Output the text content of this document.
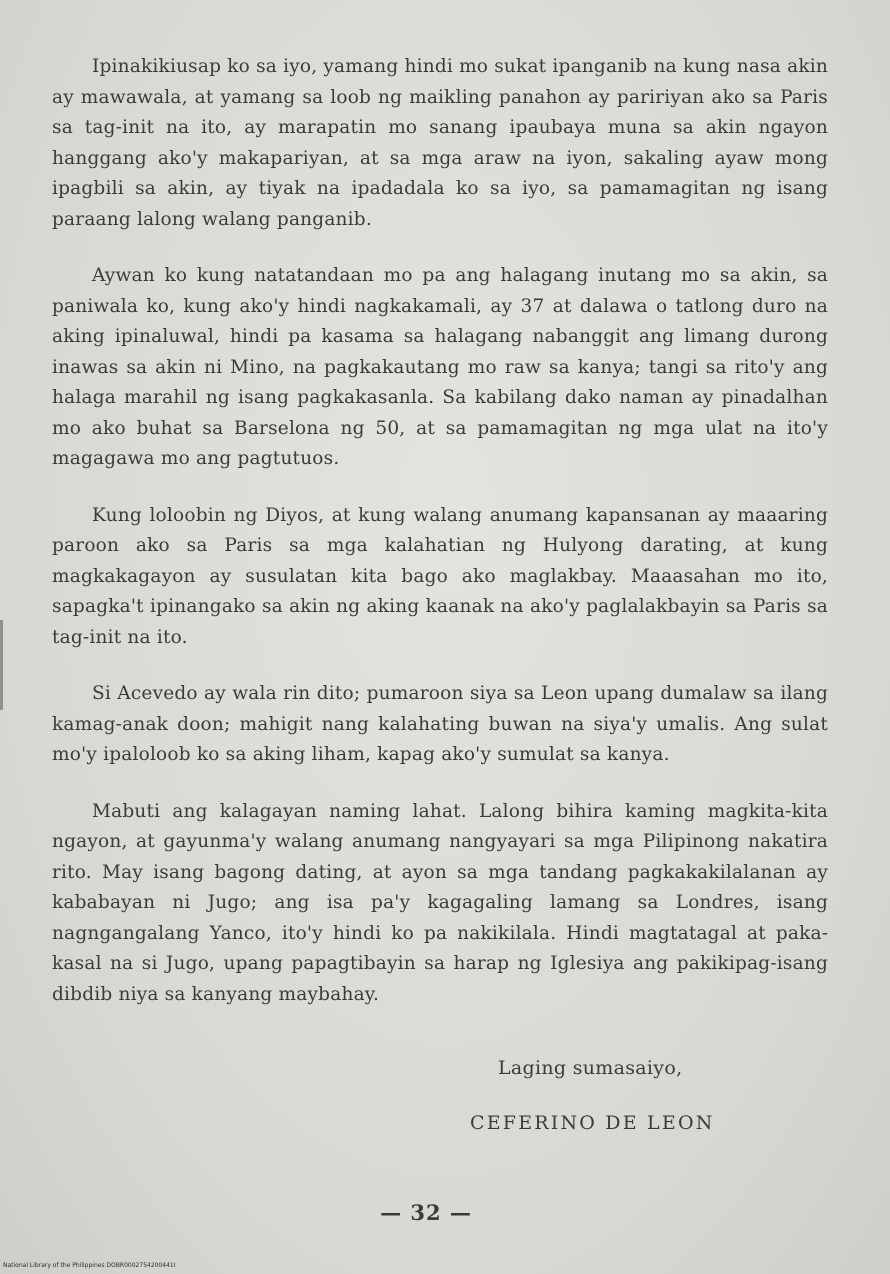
Ipinakikiusap ko sa iyo, yamang hindi mo sukat ipanganib na kung nasa akin ay mawawala, at yamang sa loob ng maikling panahon ay paririyan ako sa Paris sa tag-init na ito, ay marapatin mo sanang ipaubaya muna sa akin ngayon hanggang ako'y makapariyan, at sa mga araw na iyon, sakaling ayaw mong ipagbili sa akin, ay tiyak na ipadadala ko sa iyo, sa pamamagitan ng isang paraang lalong walang panganib.

Aywan ko kung natatandaan mo pa ang halagang inutang mo sa akin, sa paniwala ko, kung ako'y hindi nagkakamali, ay 37 at dalawa o tatlong duro na aking ipinaluwal, hindi pa kasama sa halagang nabanggit ang limang durong inawas sa akin ni Mino, na pagkakautang mo raw sa kanya; tangi sa rito'y ang halaga marahil ng isang pagkakasanla. Sa kabilang dako naman ay pinadalhan mo ako buhat sa Barselona ng 50, at sa pamamagitan ng mga ulat na ito'y magagawa mo ang pagtutuos.

Kung loloobin ng Diyos, at kung walang anumang kapansanan ay maaaring paroon ako sa Paris sa mga kalahatian ng Hulyong darating, at kung magkakagayon ay susulatan kita bago ako maglakbay. Maaasahan mo ito, sapagka't ipinangako sa akin ng aking kaanak na ako'y paglalakbayin sa Paris sa tag-init na ito.

Si Acevedo ay wala rin dito; pumaroon siya sa Leon upang dumalaw sa ilang kamag-anak doon; mahigit nang kalahating buwan na siya'y umalis. Ang sulat mo'y ipaloloob ko sa aking liham, kapag ako'y sumulat sa kanya.

Mabuti ang kalagayan naming lahat. Lalong bihira kaming magkita-kita ngayon, at gayunma'y walang anumang nangyayari sa mga Pilipinong nakatira rito. May isang bagong dating, at ayon sa mga tandang pagkakakilalanan ay kababayan ni Jugo; ang isa pa'y kagagaling lamang sa Londres, isang nagngangalang Yanco, ito'y hindi ko pa nakikilala. Hindi magtatagal at pakakasal na si Jugo, upang papagtibayin sa harap ng Iglesiya ang pakikipag-isang dibdib niya sa kanyang maybahay.

Laging sumasaiyo,

CEFERINO DE LEON

— 32 —

National Library of the Philippines DOBR0002754200441I
